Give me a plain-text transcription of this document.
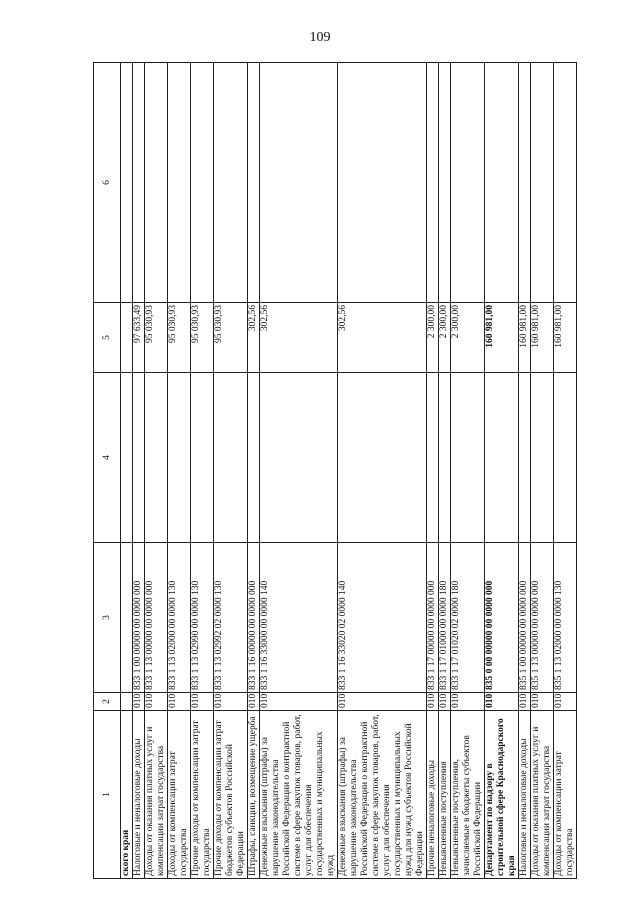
109
1	2	3	4	5	6
ского края					
Налоговые и неналоговые доходы	010	833 1 00 00000 00 0000 000		97 633,49	
Доходы от оказания платных услуг и компенсации затрат государства	010	833 1 13 00000 00 0000 000		95 030,93	
Доходы от компенсации затрат государства	010	833 1 13 02000 00 0000 130		95 030,93	
Прочие доходы от компенсации затрат государства	010	833 1 13 02990 00 0000 130		95 030,93	
Прочие доходы от компенсации затрат бюджетов субъектов Российской Федерации	010	833 1 13 02992 02 0000 130		95 030,93	
Штрафы, санкции, возмещение ущерба	010	833 1 16 00000 00 0000 000		302,56	
Денежные взыскания (штрафы) за нарушение законодательства Российской Федерации о контрактной системе в сфере закупок товаров, работ, услуг для обеспечения государственных и муниципальных нужд	010	833 1 16 33000 00 0000 140		302,56	
Денежные взыскания (штрафы) за нарушение законодательства Российской Федерации о контрактной системе в сфере закупок товаров, работ, услуг для обеспечения государственных и муниципальных нужд для нужд субъектов Российской Федерации	010	833 1 16 33020 02 0000 140		302,56	
Прочие неналоговые доходы	010	833 1 17 00000 00 0000 000		2 300,00	
Невыясненные поступления	010	833 1 17 01000 00 0000 180		2 300,00	
Невыясненные поступления, зачисляемые в бюджеты субъектов Российской Федерации	010	833 1 17 01020 02 0000 180		2 300,00	
Департамент по надзору в строительной сфере Краснодарского края	010	835 0 00 00000 00 0000 000		160 981,00	
Налоговые и неналоговые доходы	010	835 1 00 00000 00 0000 000		160 981,00	
Доходы от оказания платных услуг и компенсации затрат государства	010	835 1 13 00000 00 0000 000		160 981,00	
Доходы от компенсации затрат государства	010	835 1 13 02000 00 0000 130		160 981,00	
